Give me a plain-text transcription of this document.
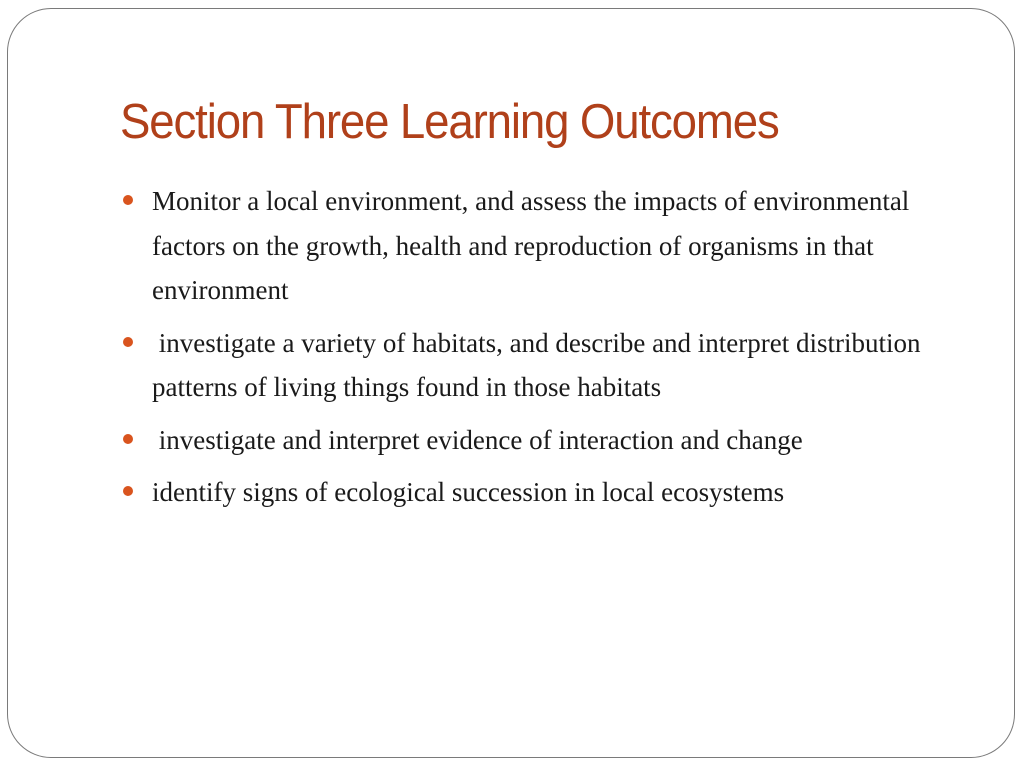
Section Three Learning Outcomes
Monitor a local environment, and assess the impacts of environmental factors on the growth, health and reproduction of organisms in that environment
investigate a variety of habitats, and describe and interpret distribution patterns of living things found in those habitats
investigate and interpret evidence of interaction and change
identify signs of ecological succession in local ecosystems
